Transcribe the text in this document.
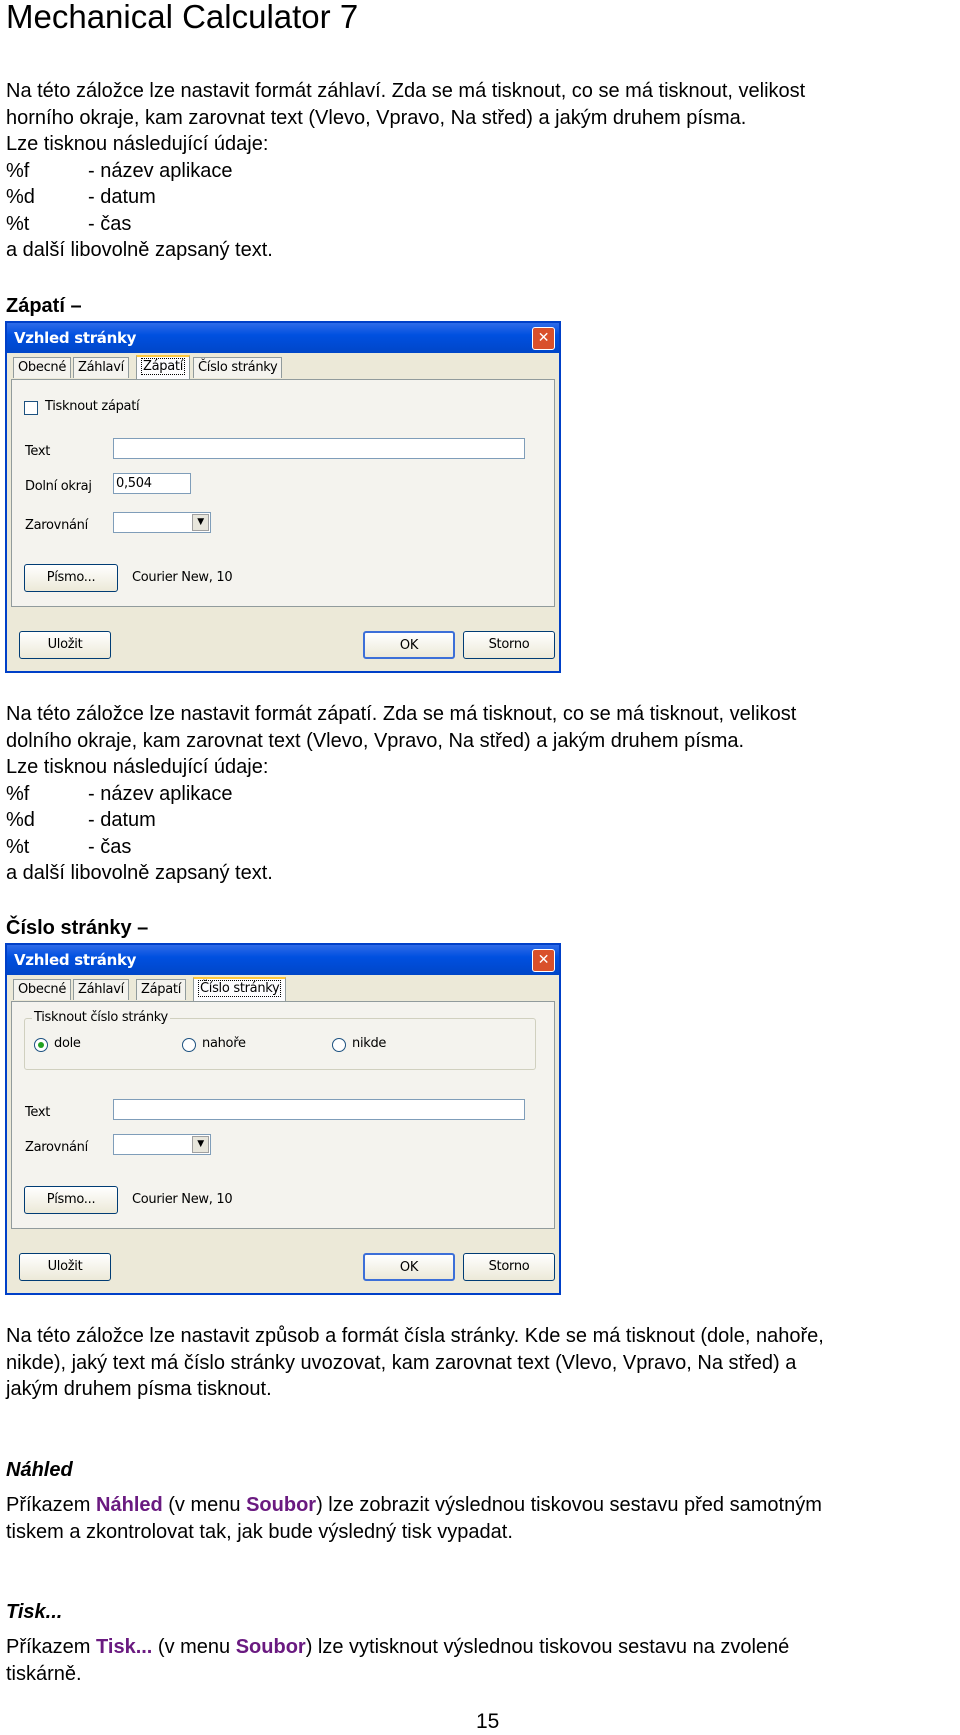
Mechanical Calculator 7
Na této záložce lze nastavit formát záhlaví. Zda se má tisknout, co se má tisknout, velikost
horního okraje, kam zarovnat text (Vlevo, Vpravo, Na střed) a jakým druhem písma.
Lze tisknou následující údaje:
%f	- název aplikace
%d	- datum
%t	- čas
a další libovolně zapsaný text.
Zápatí –
Vzhled stránky	✕
Obecné Záhlaví	Zápatí	Číslo stránky
Tisknout zápatí
Text
Dolní okraj 0,504
Zarovnání	▼
Písmo...	Courier New, 10
Uložit	OK	Storno
Na této záložce lze nastavit formát zápatí. Zda se má tisknout, co se má tisknout, velikost
dolního okraje, kam zarovnat text (Vlevo, Vpravo, Na střed) a jakým druhem písma.
Lze tisknou následující údaje:
%f	- název aplikace
%d	- datum
%t	- čas
a další libovolně zapsaný text.
Číslo stránky –
Vzhled stránky	✕
Obecné Záhlaví	Zápatí	Číslo stránky
Tisknout číslo stránky
dole	nahoře	nikde
Text
Zarovnání	▼
Písmo...	Courier New, 10
Uložit	OK	Storno
Na této záložce lze nastavit způsob a formát čísla stránky. Kde se má tisknout (dole, nahoře,
nikde), jaký text má číslo stránky uvozovat, kam zarovnat text (Vlevo, Vpravo, Na střed) a
jakým druhem písma tisknout.
Náhled
Příkazem Náhled (v menu Soubor) lze zobrazit výslednou tiskovou sestavu před samotným
tiskem a zkontrolovat tak, jak bude výsledný tisk vypadat.
Tisk...
Příkazem Tisk... (v menu Soubor) lze vytisknout výslednou tiskovou sestavu na zvolené
tiskárně.
15
